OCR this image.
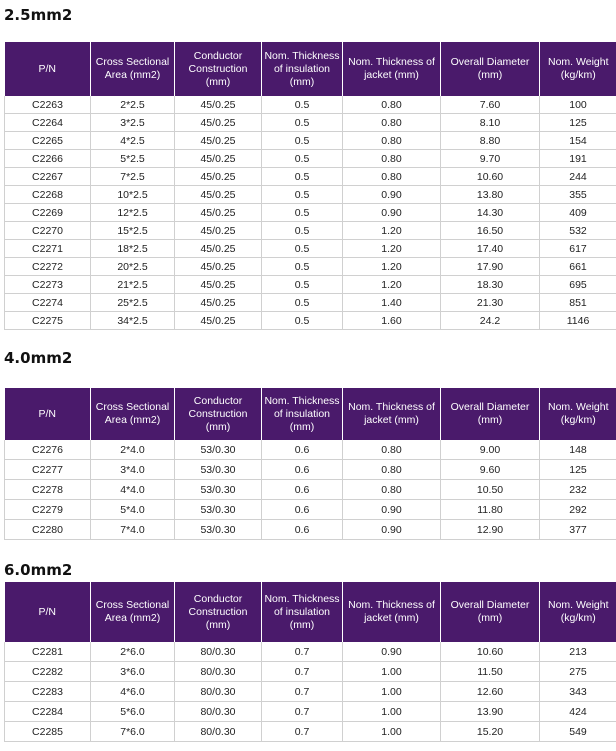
2.5mm2
P/N	Cross Sectional Area (mm2)	Conductor Construction (mm)	Nom. Thickness of insulation (mm)	Nom. Thickness of jacket (mm)	Overall Diameter (mm)	Nom. Weight (kg/km)
C2263	2*2.5	45/0.25	0.5	0.80	7.60	100
C2264	3*2.5	45/0.25	0.5	0.80	8.10	125
C2265	4*2.5	45/0.25	0.5	0.80	8.80	154
C2266	5*2.5	45/0.25	0.5	0.80	9.70	191
C2267	7*2.5	45/0.25	0.5	0.80	10.60	244
C2268	10*2.5	45/0.25	0.5	0.90	13.80	355
C2269	12*2.5	45/0.25	0.5	0.90	14.30	409
C2270	15*2.5	45/0.25	0.5	1.20	16.50	532
C2271	18*2.5	45/0.25	0.5	1.20	17.40	617
C2272	20*2.5	45/0.25	0.5	1.20	17.90	661
C2273	21*2.5	45/0.25	0.5	1.20	18.30	695
C2274	25*2.5	45/0.25	0.5	1.40	21.30	851
C2275	34*2.5	45/0.25	0.5	1.60	24.2	1146
4.0mm2
P/N	Cross Sectional Area (mm2)	Conductor Construction (mm)	Nom. Thickness of insulation (mm)	Nom. Thickness of jacket (mm)	Overall Diameter (mm)	Nom. Weight (kg/km)
C2276	2*4.0	53/0.30	0.6	0.80	9.00	148
C2277	3*4.0	53/0.30	0.6	0.80	9.60	125
C2278	4*4.0	53/0.30	0.6	0.80	10.50	232
C2279	5*4.0	53/0.30	0.6	0.90	11.80	292
C2280	7*4.0	53/0.30	0.6	0.90	12.90	377
6.0mm2
P/N	Cross Sectional Area (mm2)	Conductor Construction (mm)	Nom. Thickness of insulation (mm)	Nom. Thickness of jacket (mm)	Overall Diameter (mm)	Nom. Weight (kg/km)
C2281	2*6.0	80/0.30	0.7	0.90	10.60	213
C2282	3*6.0	80/0.30	0.7	1.00	11.50	275
C2283	4*6.0	80/0.30	0.7	1.00	12.60	343
C2284	5*6.0	80/0.30	0.7	1.00	13.90	424
C2285	7*6.0	80/0.30	0.7	1.00	15.20	549
